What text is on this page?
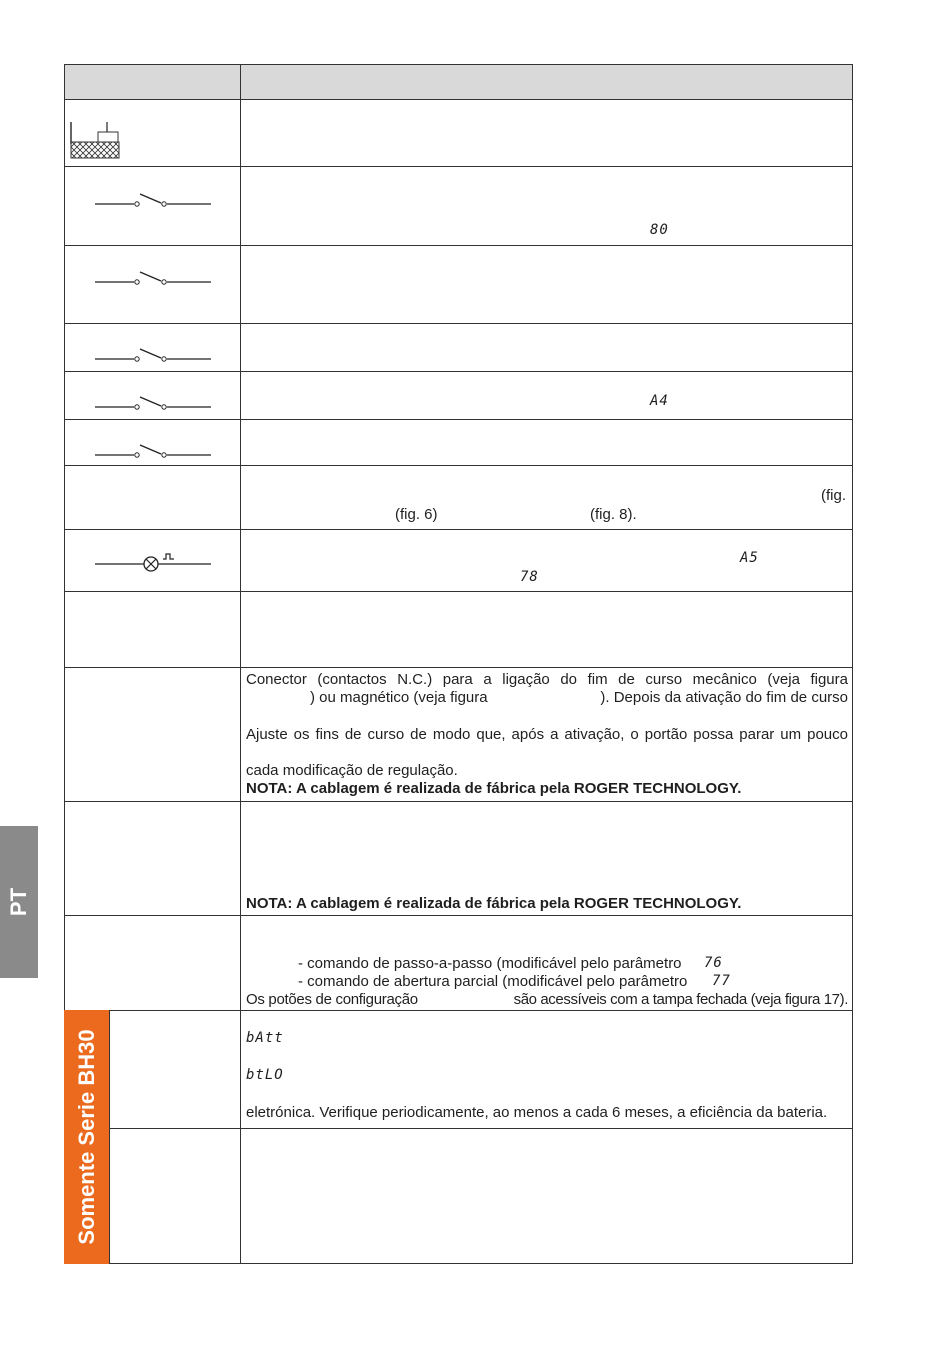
Somente Serie BH30
80
A4
(fig.
(fig. 6)	(fig. 8).
A5
78
Conector (contactos N.C.) para a ligação do fim de curso mecânico (veja figura
) ou magnético (veja figura	). Depois da ativação do fim de curso
Ajuste os fins de curso de modo que, após a ativação, o portão possa parar um pouco
cada modificação de regulação.
NOTA: A cablagem é realizada de fábrica pela ROGER TECHNOLOGY.
NOTA: A cablagem é realizada de fábrica pela ROGER TECHNOLOGY.
- comando de passo-a-passo (modificável pelo parâmetro	76
- comando de abertura parcial (modificável pelo parâmetro	77
Os potões de configuração	são acessíveis com a tampa fechada (veja figura 17).
bAtt
btLO
eletrónica. Verifique periodicamente, ao menos a cada 6 meses, a eficiência da bateria.
PT
